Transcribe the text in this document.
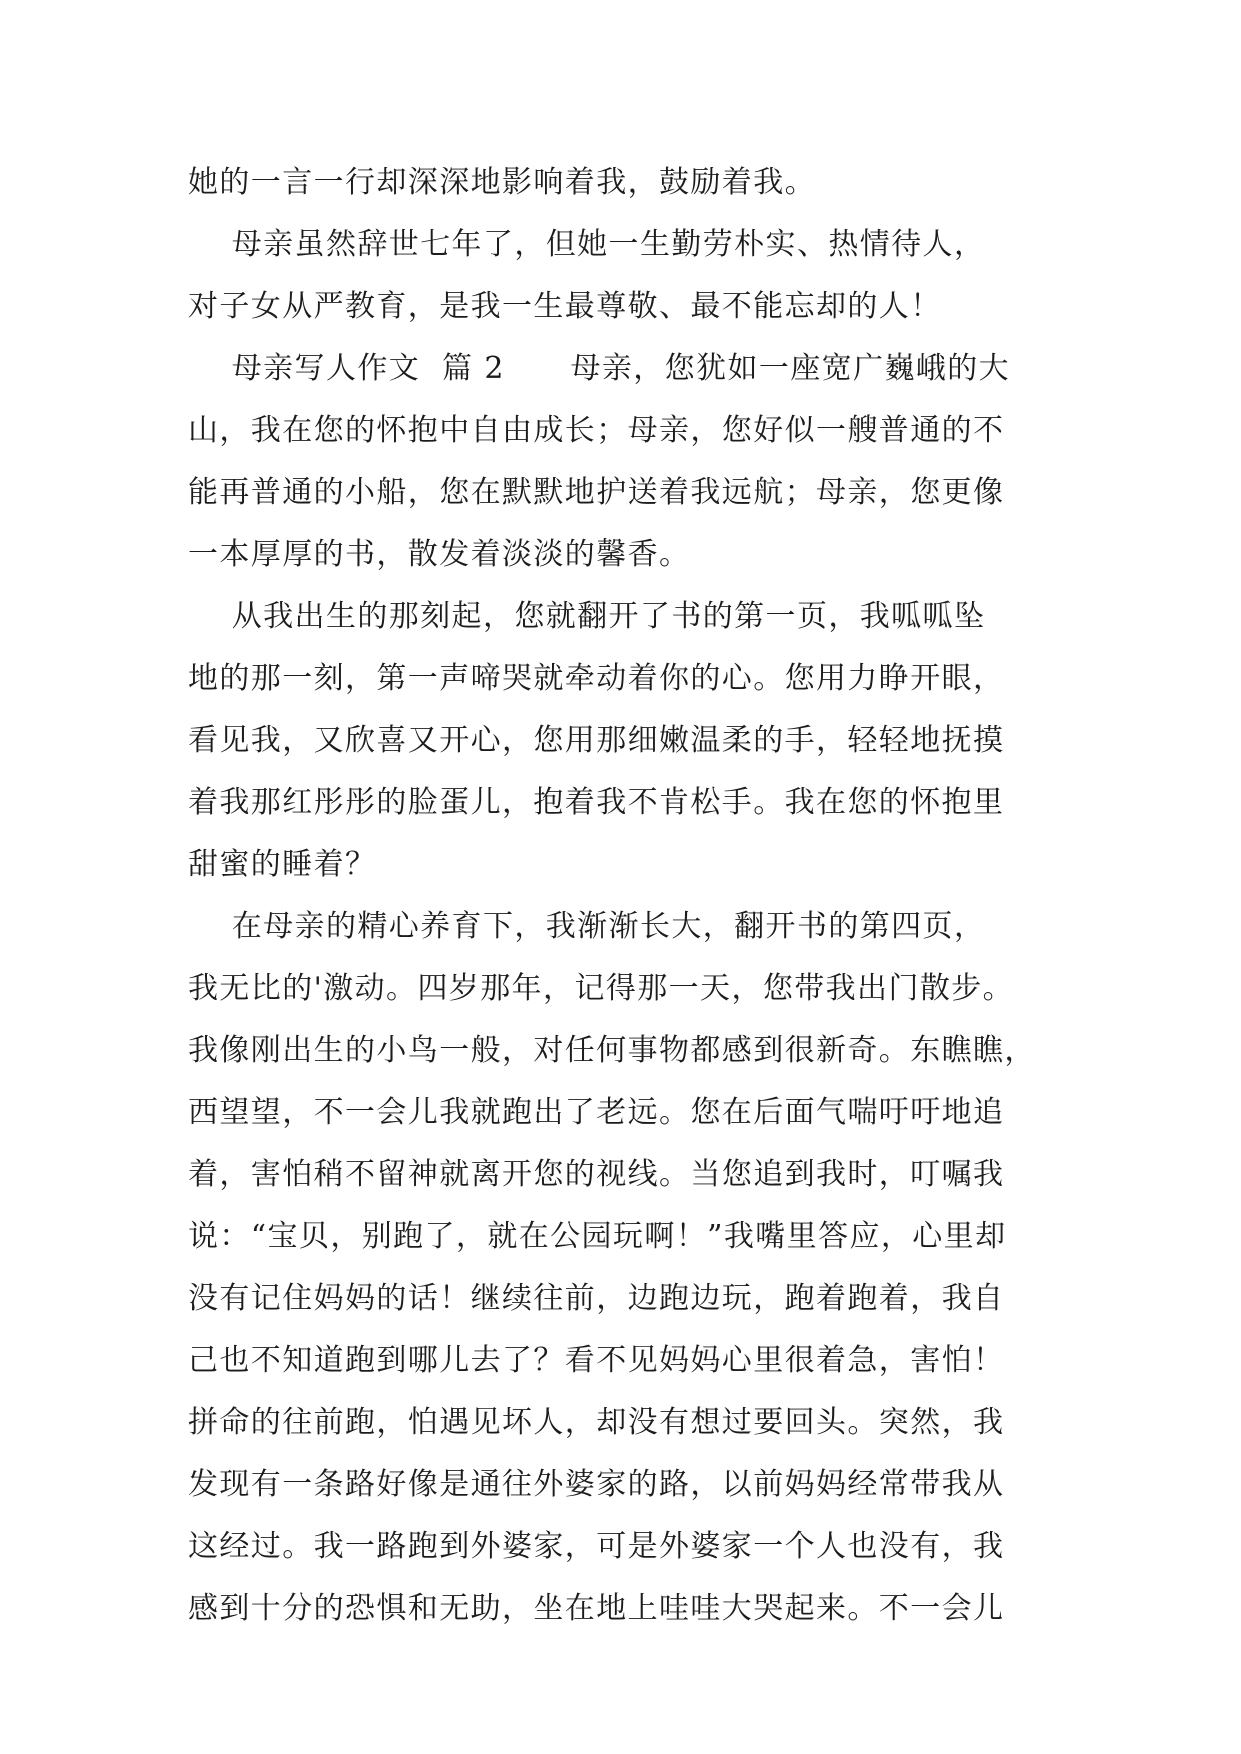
她的一言一行却深深地影响着我，鼓励着我。
母亲虽然辞世七年了，但她一生勤劳朴实、热情待人，
对子女从严教育，是我一生最尊敬、最不能忘却的人！
母亲写人作文  篇 2      母亲，您犹如一座宽广巍峨的大
山，我在您的怀抱中自由成长；母亲，您好似一艘普通的不
能再普通的小船，您在默默地护送着我远航；母亲，您更像
一本厚厚的书，散发着淡淡的馨香。
从我出生的那刻起，您就翻开了书的第一页，我呱呱坠
地的那一刻，第一声啼哭就牵动着你的心。您用力睁开眼，
看见我，又欣喜又开心，您用那细嫩温柔的手，轻轻地抚摸
着我那红彤彤的脸蛋儿，抱着我不肯松手。我在您的怀抱里
甜蜜的睡着？
在母亲的精心养育下，我渐渐长大，翻开书的第四页，
我无比的'激动。四岁那年，记得那一天，您带我出门散步。
我像刚出生的小鸟一般，对任何事物都感到很新奇。东瞧瞧，
西望望，不一会儿我就跑出了老远。您在后面气喘吁吁地追
着，害怕稍不留神就离开您的视线。当您追到我时，叮嘱我
说：“宝贝，别跑了，就在公园玩啊！”我嘴里答应，心里却
没有记住妈妈的话！继续往前，边跑边玩，跑着跑着，我自
己也不知道跑到哪儿去了？看不见妈妈心里很着急，害怕！
拼命的往前跑，怕遇见坏人，却没有想过要回头。突然，我
发现有一条路好像是通往外婆家的路，以前妈妈经常带我从
这经过。我一路跑到外婆家，可是外婆家一个人也没有，我
感到十分的恐惧和无助，坐在地上哇哇大哭起来。不一会儿
